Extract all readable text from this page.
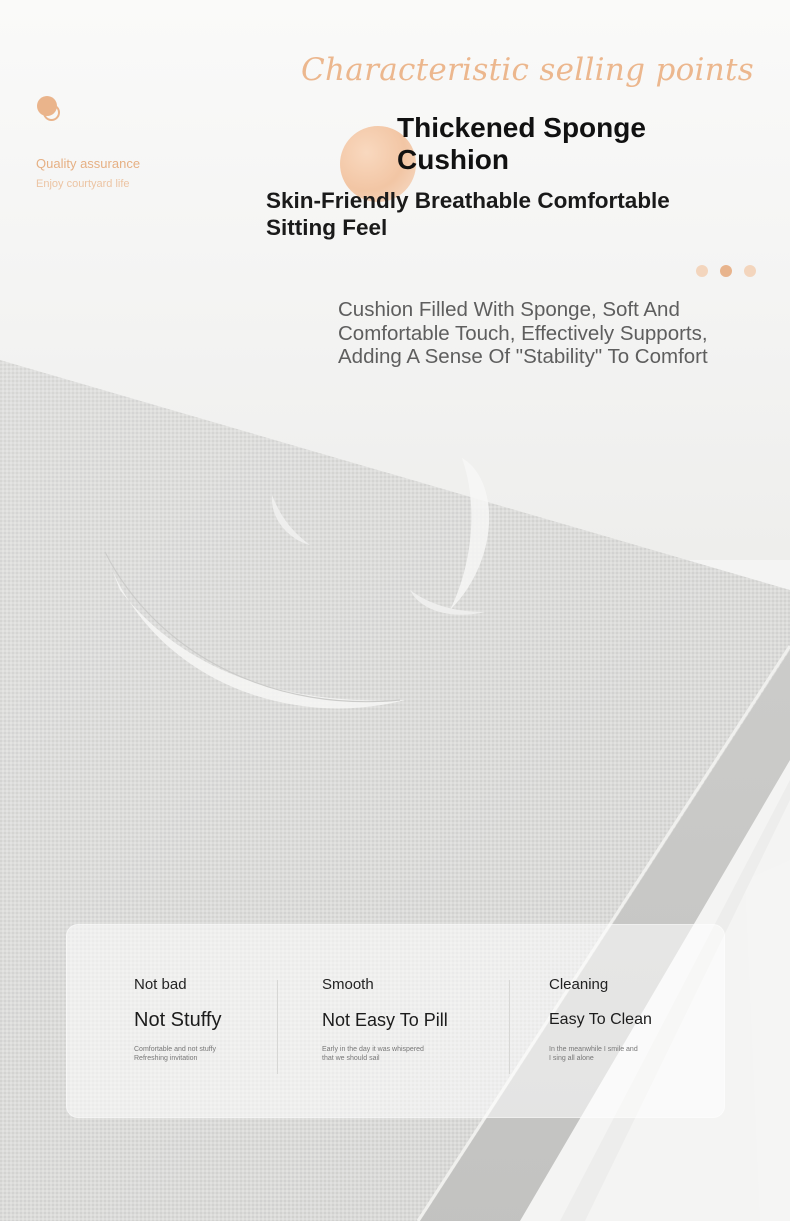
Characteristic selling points
Quality assurance
Enjoy courtyard life
Thickened Sponge
Cushion
Skin-Friendly Breathable Comfortable
Sitting Feel
Cushion Filled With Sponge, Soft And
Comfortable Touch, Effectively Supports,
Adding A Sense Of "Stability" To Comfort
Not bad
Not Stuffy
Comfortable and not stuffy
Refreshing invitation
Smooth
Not Easy To Pill
Early in the day it was whispered
that we should sail
Cleaning
Easy To Clean
In the meanwhile I smile and
I sing all alone
